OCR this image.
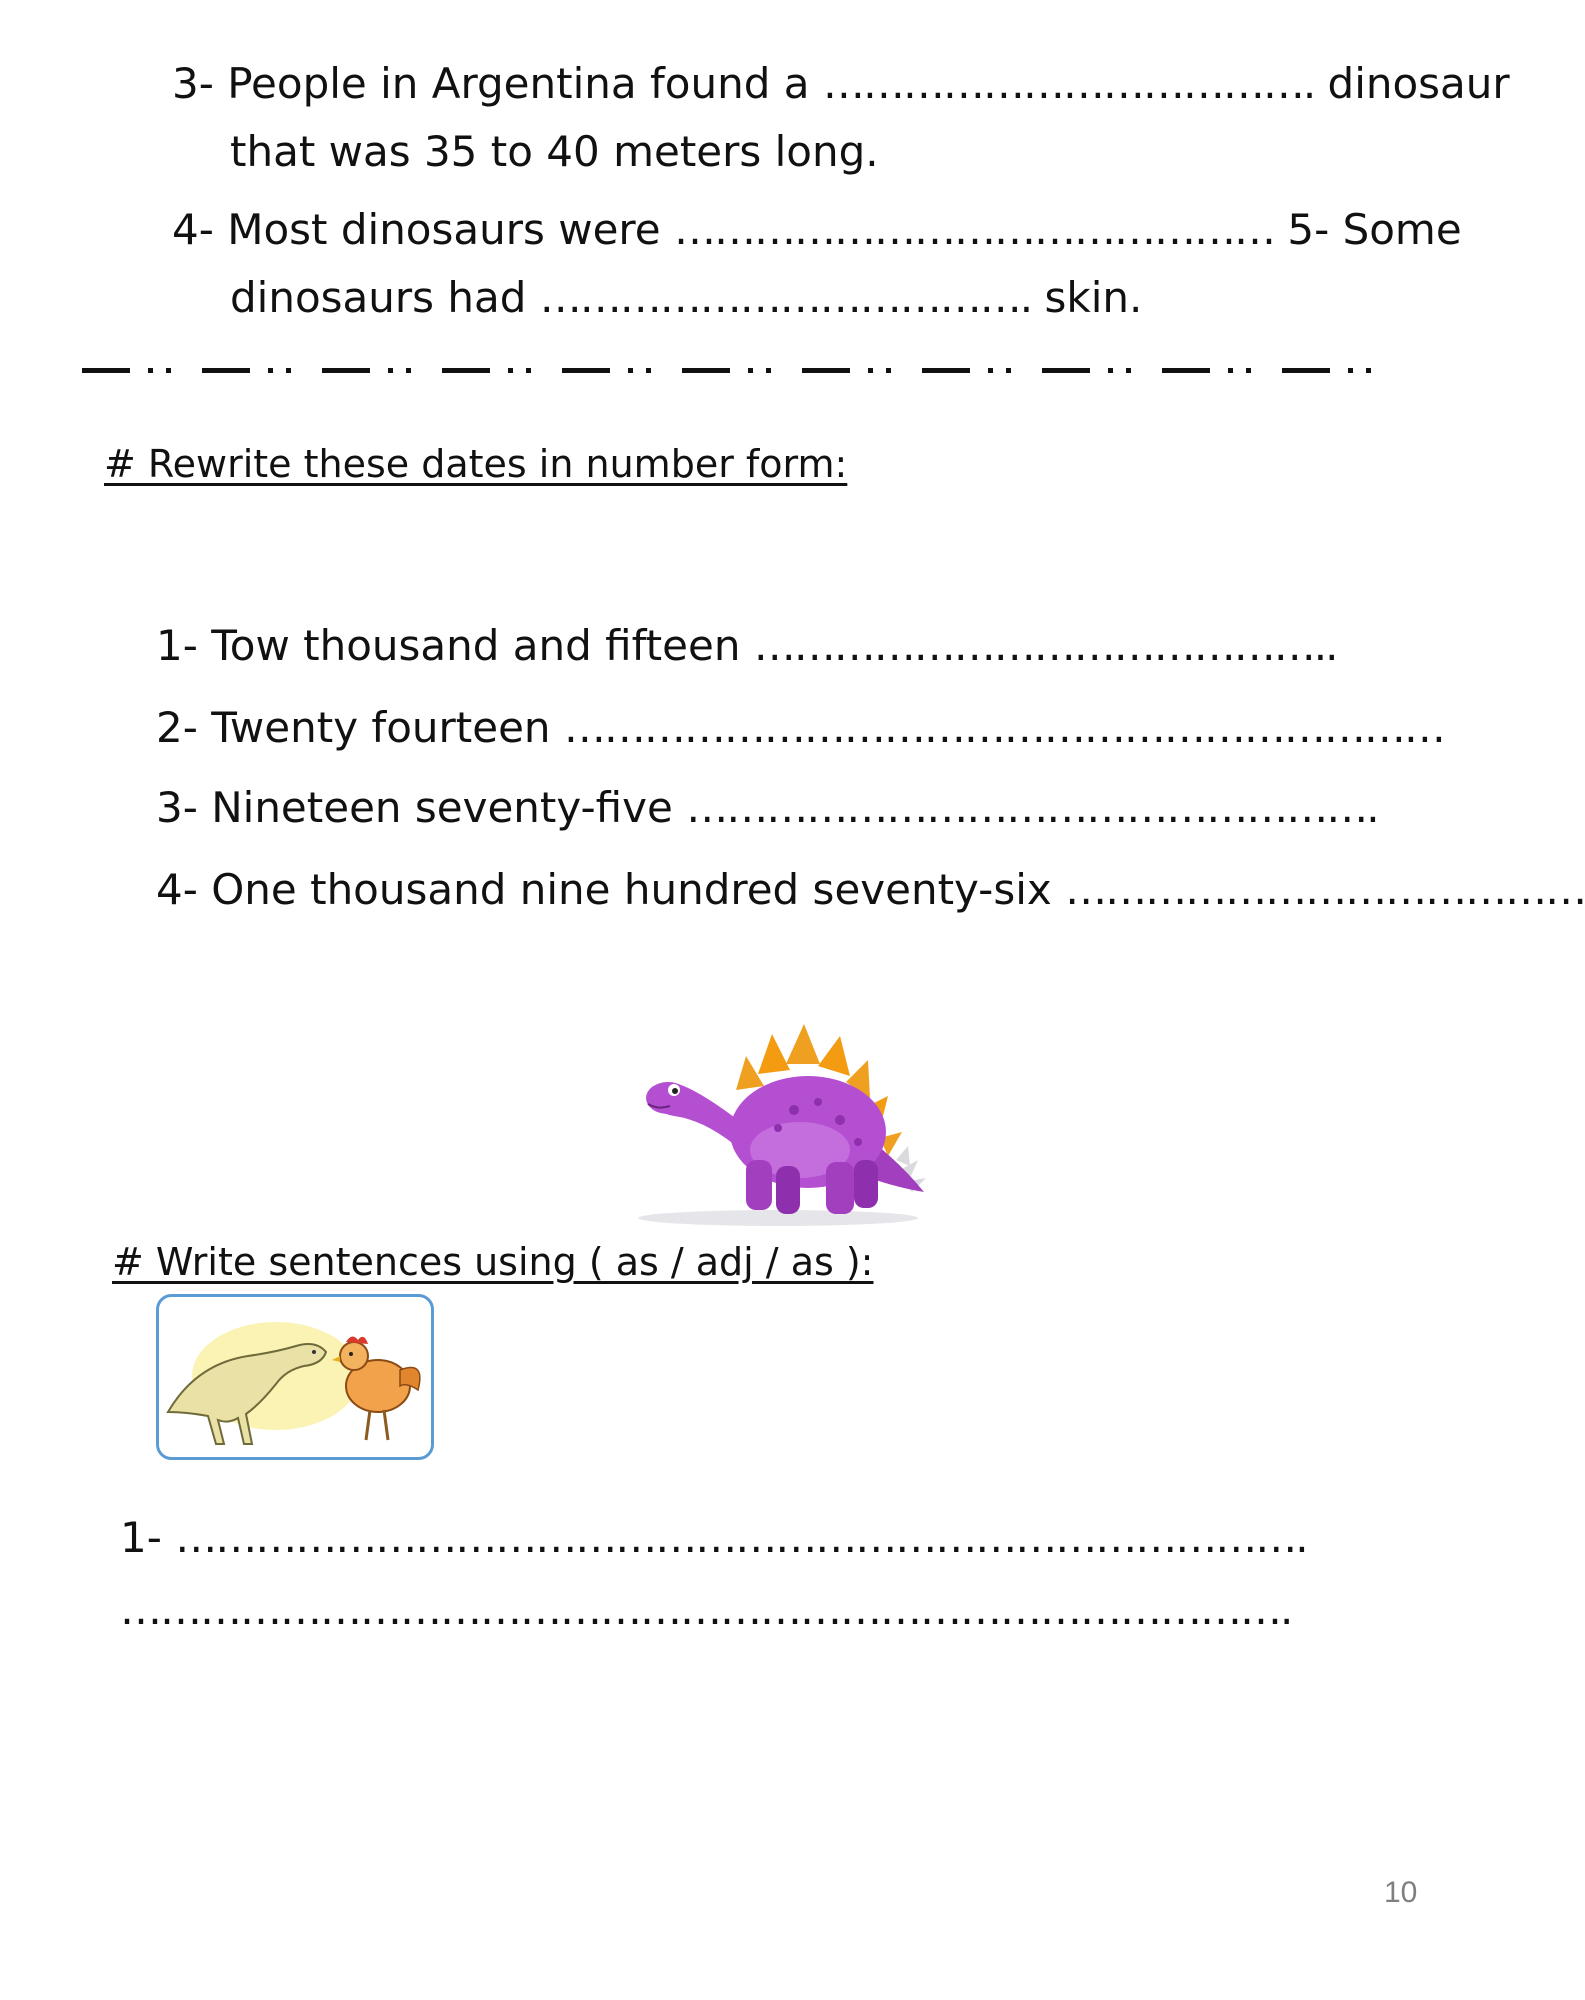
3- People in Argentina found a ………………………………. dinosaur
that was 35 to 40 meters long.
4- Most dinosaurs were ……………………………………… 5- Some
dinosaurs had ………………………………. skin.
# Rewrite these dates in number form:
1- Tow thousand and fifteen ……………………………………..
2- Twenty fourteen …………………………………………………………
3- Nineteen seventy-five …………………………………………….
4- One thousand nine hundred seventy-six …………………………………
# Write sentences using ( as / adj / as ):
1- ………………………………………………………………………….
…………………………………………………………………………….
10
